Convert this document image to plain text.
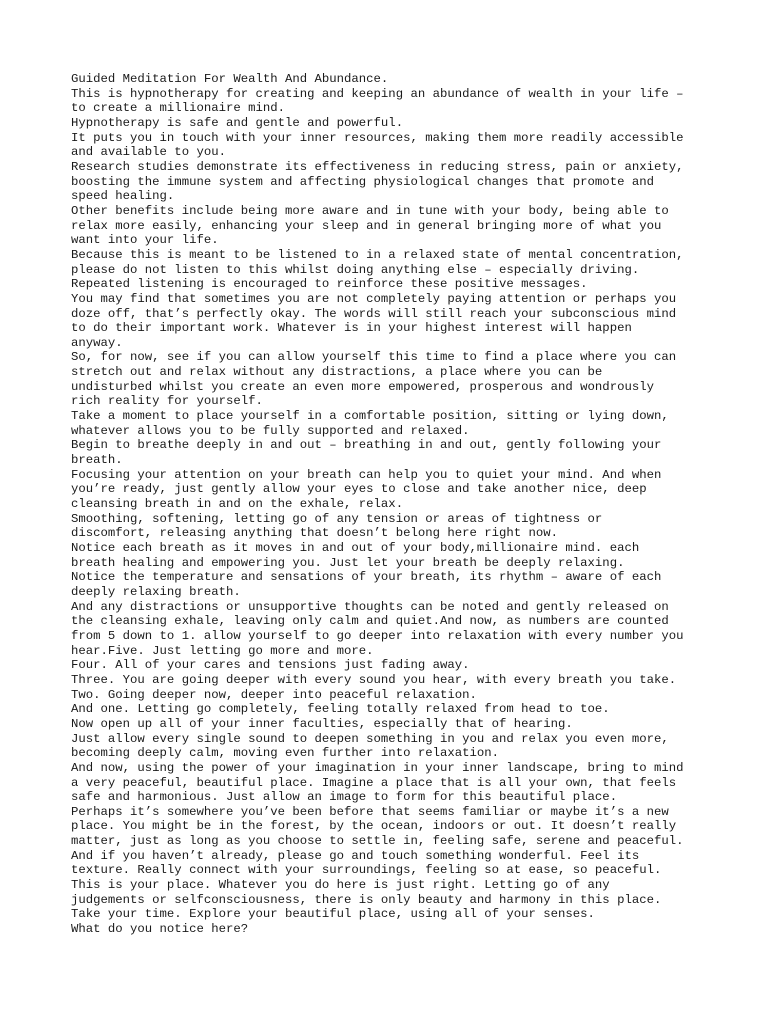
Guided Meditation For Wealth And Abundance.

This is hypnotherapy for creating and keeping an abundance of wealth in your life –

to create a millionaire mind.

Hypnotherapy is safe and gentle and powerful.

It puts you in touch with your inner resources, making them more readily accessible

and available to you.

Research studies demonstrate its effectiveness in reducing stress, pain or anxiety,

boosting the immune system and affecting physiological changes that promote and

speed healing.

Other benefits include being more aware and in tune with your body, being able to

relax more easily, enhancing your sleep and in general bringing more of what you

want into your life.

Because this is meant to be listened to in a relaxed state of mental concentration,

please do not listen to this whilst doing anything else – especially driving.

Repeated listening is encouraged to reinforce these positive messages.

You may find that sometimes you are not completely paying attention or perhaps you

doze off, that’s perfectly okay. The words will still reach your subconscious mind

to do their important work. Whatever is in your highest interest will happen

anyway.

So, for now, see if you can allow yourself this time to find a place where you can

stretch out and relax without any distractions, a place where you can be

undisturbed whilst you create an even more empowered, prosperous and wondrously

rich reality for yourself.

Take a moment to place yourself in a comfortable position, sitting or lying down,

whatever allows you to be fully supported and relaxed.

Begin to breathe deeply in and out – breathing in and out, gently following your

breath.

Focusing your attention on your breath can help you to quiet your mind. And when

you’re ready, just gently allow your eyes to close and take another nice, deep

cleansing breath in and on the exhale, relax.

Smoothing, softening, letting go of any tension or areas of tightness or

discomfort, releasing anything that doesn’t belong here right now.

Notice each breath as it moves in and out of your body,millionaire mind. each

breath healing and empowering you. Just let your breath be deeply relaxing.

Notice the temperature and sensations of your breath, its rhythm – aware of each

deeply relaxing breath.

And any distractions or unsupportive thoughts can be noted and gently released on

the cleansing exhale, leaving only calm and quiet.And now, as numbers are counted

from 5 down to 1. allow yourself to go deeper into relaxation with every number you

hear.Five. Just letting go more and more.

Four. All of your cares and tensions just fading away.

Three. You are going deeper with every sound you hear, with every breath you take.

Two. Going deeper now, deeper into peaceful relaxation.

And one. Letting go completely, feeling totally relaxed from head to toe.

Now open up all of your inner faculties, especially that of hearing.

Just allow every single sound to deepen something in you and relax you even more,

becoming deeply calm, moving even further into relaxation.

And now, using the power of your imagination in your inner landscape, bring to mind

a very peaceful, beautiful place. Imagine a place that is all your own, that feels

safe and harmonious. Just allow an image to form for this beautiful place.

Perhaps it’s somewhere you’ve been before that seems familiar or maybe it’s a new

place. You might be in the forest, by the ocean, indoors or out. It doesn’t really

matter, just as long as you choose to settle in, feeling safe, serene and peaceful.

And if you haven’t already, please go and touch something wonderful. Feel its

texture. Really connect with your surroundings, feeling so at ease, so peaceful.

This is your place. Whatever you do here is just right. Letting go of any

judgements or selfconsciousness, there is only beauty and harmony in this place.

Take your time. Explore your beautiful place, using all of your senses.

What do you notice here?
